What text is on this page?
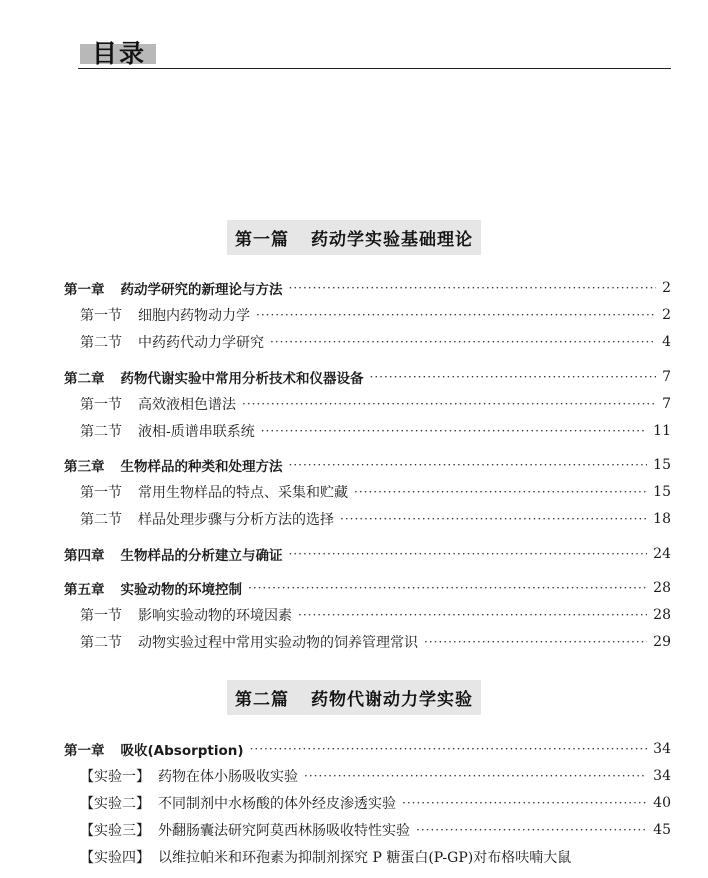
目录
第一篇 药动学实验基础理论
第一章 药动学研究的新理论与方法 ·····	2
第一节 细胞内药物动力学 ·····	2
第二节 中药药代动力学研究 ·····	4
第二章 药物代谢实验中常用分析技术和仪器设备 ·····	7
第一节 高效液相色谱法 ·····	7
第二节 液相-质谱串联系统 ·····	11
第三章 生物样品的种类和处理方法 ·····	15
第一节 常用生物样品的特点、采集和贮藏 ·····	15
第二节 样品处理步骤与分析方法的选择 ·····	18
第四章 生物样品的分析建立与确证 ·····	24
第五章 实验动物的环境控制 ·····	28
第一节 影响实验动物的环境因素 ·····	28
第二节 动物实验过程中常用实验动物的饲养管理常识 ·····	29
第二篇 药物代谢动力学实验
第一章 吸收(Absorption) ·····	34
【实验一】 药物在体小肠吸收实验 ·····	34
【实验二】 不同制剂中水杨酸的体外经皮渗透实验 ·····	40
【实验三】 外翻肠囊法研究阿莫西林肠吸收特性实验 ·····	45
【实验四】 以维拉帕米和环孢素为抑制剂探究 P 糖蛋白(P-GP)对布格呋喃大鼠
